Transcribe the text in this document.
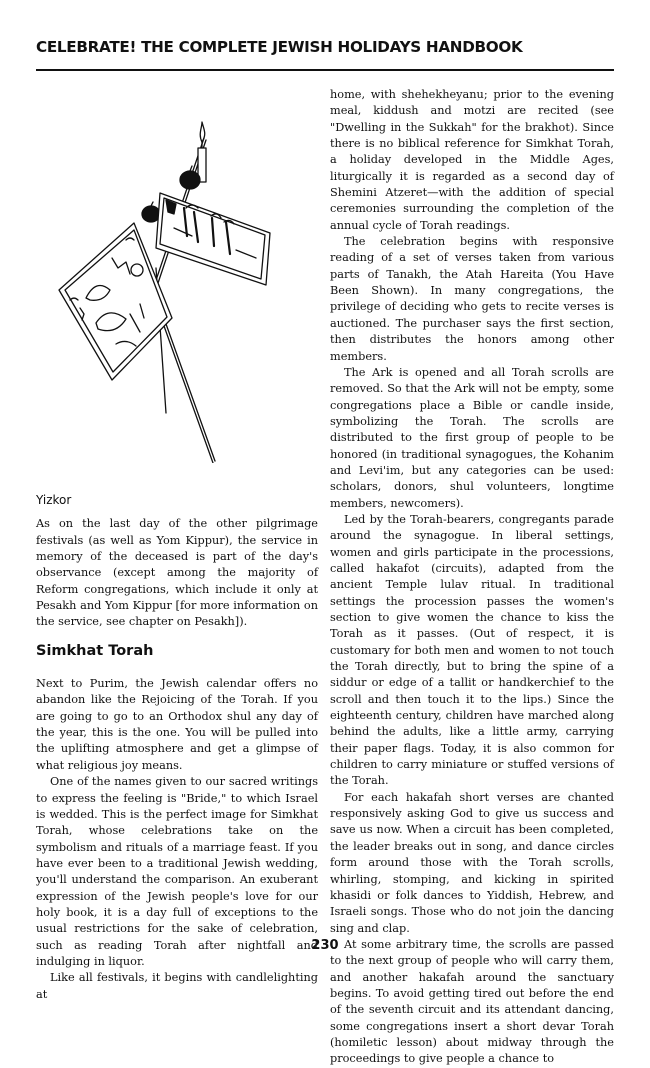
CELEBRATE! THE COMPLETE JEWISH HOLIDAYS HANDBOOK
Yizkor

As on the last day of the other pilgrimage festivals (as well as Yom Kippur), the service in memory of the deceased is part of the day's observance (except among the majority of Reform congregations, which include it only at Pesakh and Yom Kippur [for more information on the service, see chapter on Pesakh]).

Simkhat Torah

Next to Purim, the Jewish calendar offers no abandon like the Rejoicing of the Torah. If you are going to go to an Orthodox shul any day of the year, this is the one. You will be pulled into the uplifting atmosphere and get a glimpse of what religious joy means.

One of the names given to our sacred writings to express the feeling is "Bride," to which Israel is wedded. This is the perfect image for Simkhat Torah, whose celebrations take on the symbolism and rituals of a marriage feast. If you have ever been to a traditional Jewish wedding, you'll understand the comparison. An exuberant expression of the Jewish people's love for our holy book, it is a day full of exceptions to the usual restrictions for the sake of celebration, such as reading Torah after nightfall and indulging in liquor.

Like all festivals, it begins with candlelighting at

home, with shehekheyanu; prior to the evening meal, kiddush and motzi are recited (see "Dwelling in the Sukkah" for the brakhot). Since there is no biblical reference for Simkhat Torah, a holiday developed in the Middle Ages, liturgically it is regarded as a second day of Shemini Atzeret—with the addition of special ceremonies surrounding the completion of the annual cycle of Torah readings.

The celebration begins with responsive reading of a set of verses taken from various parts of Tanakh, the Atah Hareita (You Have Been Shown). In many congregations, the privilege of deciding who gets to recite verses is auctioned. The purchaser says the first section, then distributes the honors among other members.

The Ark is opened and all Torah scrolls are removed. So that the Ark will not be empty, some congregations place a Bible or candle inside, symbolizing the Torah. The scrolls are distributed to the first group of people to be honored (in traditional synagogues, the Kohanim and Levi'im, but any categories can be used: scholars, donors, shul volunteers, longtime members, newcomers).

Led by the Torah-bearers, congregants parade around the synagogue. In liberal settings, women and girls participate in the processions, called hakafot (circuits), adapted from the ancient Temple lulav ritual. In traditional settings the procession passes the women's section to give women the chance to kiss the Torah as it passes. (Out of respect, it is customary for both men and women to not touch the Torah directly, but to bring the spine of a siddur or edge of a tallit or handkerchief to the scroll and then touch it to the lips.) Since the eighteenth century, children have marched along behind the adults, like a little army, carrying their paper flags. Today, it is also common for children to carry miniature or stuffed versions of the Torah.

For each hakafah short verses are chanted responsively asking God to give us success and save us now. When a circuit has been completed, the leader breaks out in song, and dance circles form around those with the Torah scrolls, whirling, stomping, and kicking in spirited khasidi or folk dances to Yiddish, Hebrew, and Israeli songs. Those who do not join the dancing sing and clap.

At some arbitrary time, the scrolls are passed to the next group of people who will carry them, and another hakafah around the sanctuary begins. To avoid getting tired out before the end of the seventh circuit and its attendant dancing, some congregations insert a short devar Torah (homiletic lesson) about midway through the proceedings to give people a chance to

230
